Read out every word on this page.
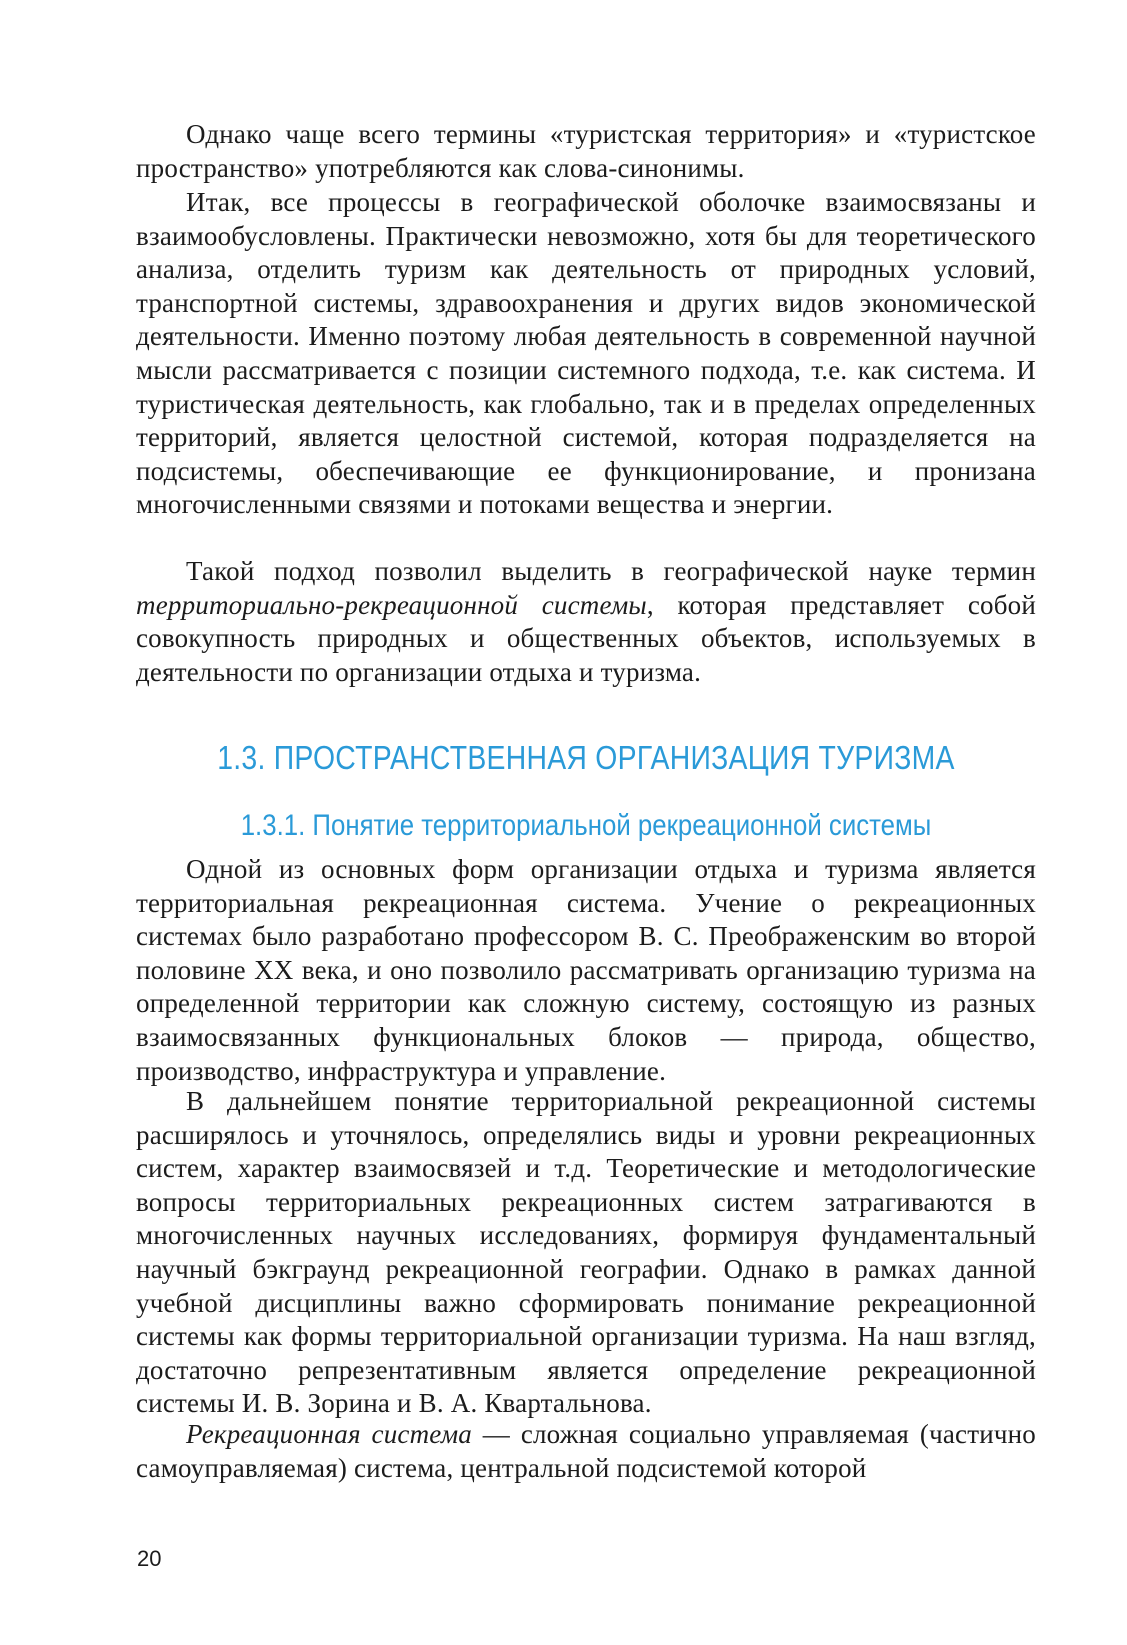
Однако чаще всего термины «туристская территория» и «туристское пространство» употребляются как слова-синонимы.

Итак, все процессы в географической оболочке взаимосвязаны и взаимообусловлены. Практически невозможно, хотя бы для теоретического анализа, отделить туризм как деятельность от природных условий, транспортной системы, здравоохранения и других видов экономической деятельности. Именно поэтому любая деятельность в современной научной мысли рассматривается с позиции системного подхода, т.е. как система. И туристическая деятельность, как глобально, так и в пределах определенных территорий, является целостной системой, которая подразделяется на подсистемы, обеспечивающие ее функционирование, и пронизана многочисленными связями и потоками вещества и энергии.

Такой подход позволил выделить в географической науке термин территориально-рекреационной системы, которая представляет собой совокупность природных и общественных объектов, используемых в деятельности по организации отдыха и туризма.

1.3. ПРОСТРАНСТВЕННАЯ ОРГАНИЗАЦИЯ ТУРИЗМА
1.3.1. Понятие территориальной рекреационной системы

Одной из основных форм организации отдыха и туризма является территориальная рекреационная система. Учение о рекреационных системах было разработано профессором В. С. Преображенским во второй половине XX века, и оно позволило рассматривать организацию туризма на определенной территории как сложную систему, состоящую из разных взаимосвязанных функциональных блоков — природа, общество, производство, инфраструктура и управление.

В дальнейшем понятие территориальной рекреационной системы расширялось и уточнялось, определялись виды и уровни рекреационных систем, характер взаимосвязей и т.д. Теоретические и методологические вопросы территориальных рекреационных систем затрагиваются в многочисленных научных исследованиях, формируя фундаментальный научный бэкграунд рекреационной географии. Однако в рамках данной учебной дисциплины важно сформировать понимание рекреационной системы как формы территориальной организации туризма. На наш взгляд, достаточно репрезентативным является определение рекреационной системы И. В. Зорина и В. А. Квартальнова.

Рекреационная система — сложная социально управляемая (частично самоуправляемая) система, центральной подсистемой которой

20
